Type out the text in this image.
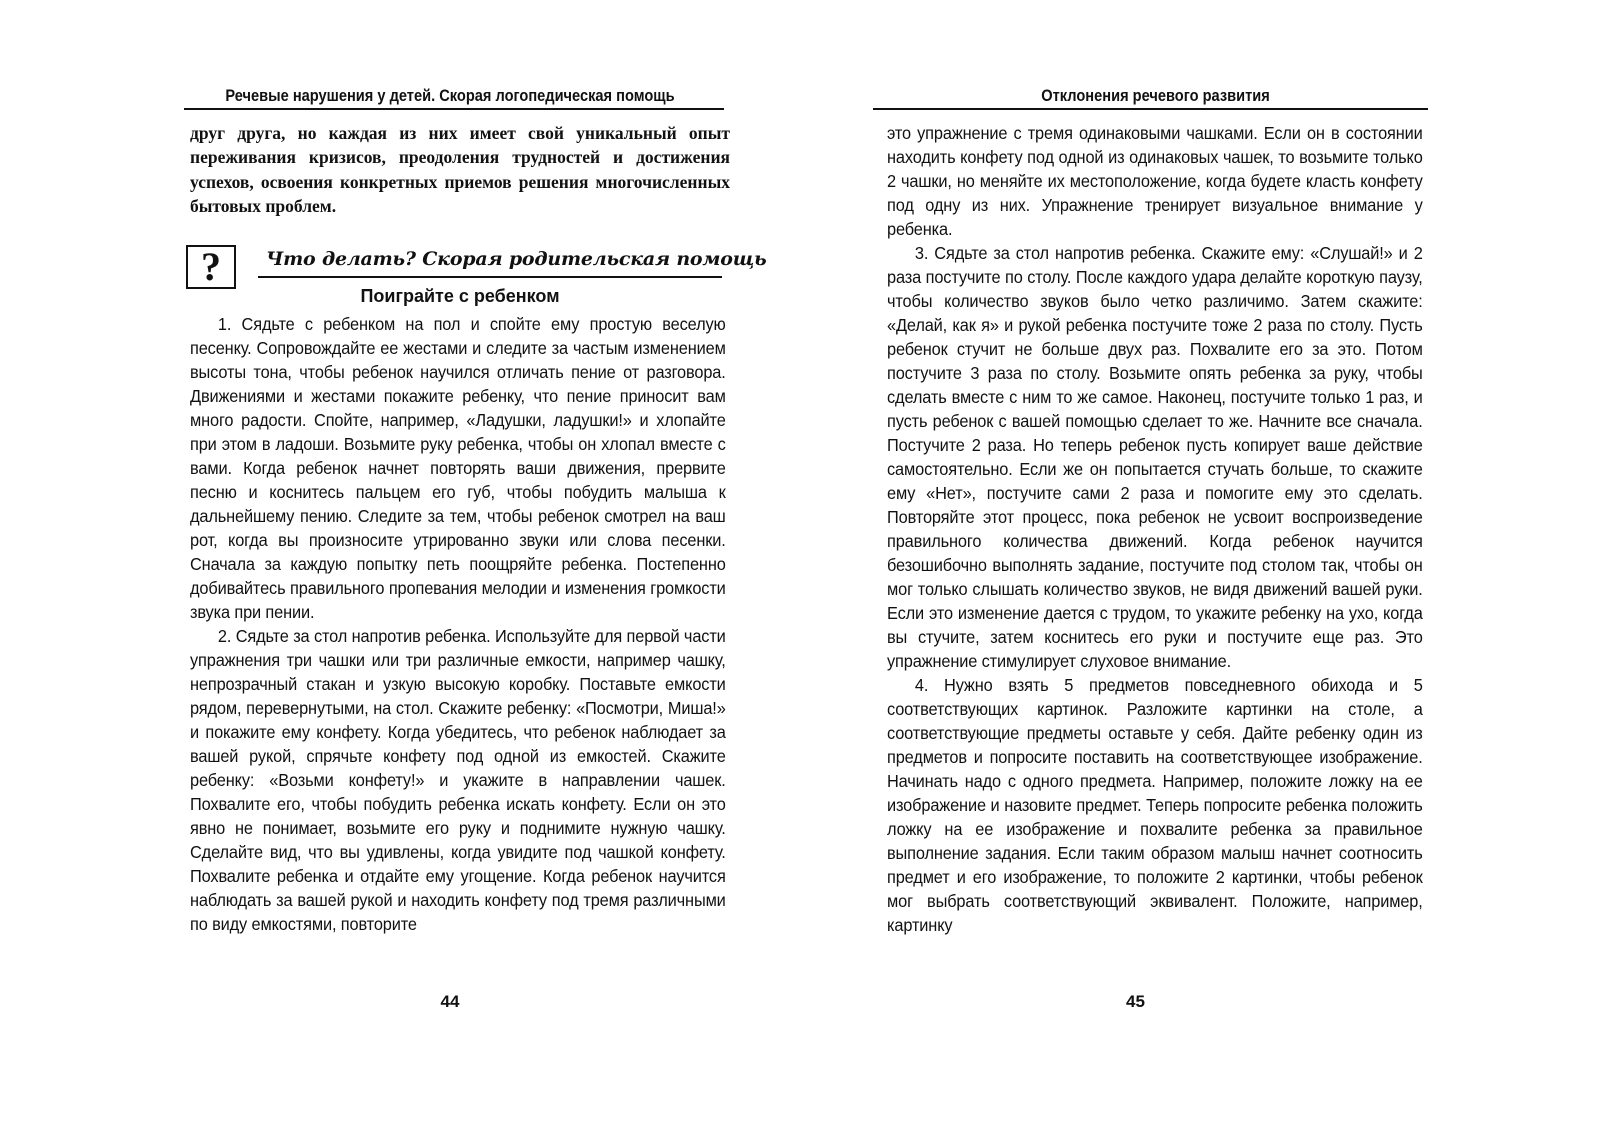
Речевые нарушения у детей. Скорая логопедическая помощь
друг друга, но каждая из них имеет свой уникальный опыт переживания кризисов, преодоления трудностей и достижения успехов, освоения конкретных приемов решения многочисленных бытовых проблем.
?	Что делать? Скорая родительская помощь
Поиграйте с ребенком

1. Сядьте с ребенком на пол и спойте ему простую веселую песенку. Сопровождайте ее жестами и следите за частым изменением высоты тона, чтобы ребенок научился отличать пение от разговора. Движениями и жестами покажите ребенку, что пение приносит вам много радости. Спойте, например, «Ладушки, ладушки!» и хлопайте при этом в ладоши. Возьмите руку ребенка, чтобы он хлопал вместе с вами. Когда ребенок начнет повторять ваши движения, прервите песню и коснитесь пальцем его губ, чтобы побудить малыша к дальнейшему пению. Следите за тем, чтобы ребенок смотрел на ваш рот, когда вы произносите утрированно звуки или слова песенки. Сначала за каждую попытку петь поощряйте ребенка. Постепенно добивайтесь правильного пропевания мелодии и изменения громкости звука при пении.

2. Сядьте за стол напротив ребенка. Используйте для первой части упражнения три чашки или три различные емкости, например чашку, непрозрачный стакан и узкую высокую коробку. Поставьте емкости рядом, перевернутыми, на стол. Скажите ребенку: «Посмотри, Миша!» и покажите ему конфету. Когда убедитесь, что ребенок наблюдает за вашей рукой, спрячьте конфету под одной из емкостей. Скажите ребенку: «Возьми конфету!» и укажите в направлении чашек. Похвалите его, чтобы побудить ребенка искать конфету. Если он это явно не понимает, возьмите его руку и поднимите нужную чашку. Сделайте вид, что вы удивлены, когда увидите под чашкой конфету. Похвалите ребенка и отдайте ему угощение. Когда ребенок научится наблюдать за вашей рукой и находить конфету под тремя различными по виду емкостями, повторите

44
Отклонения речевого развития

это упражнение с тремя одинаковыми чашками. Если он в состоянии находить конфету под одной из одинаковых чашек, то возьмите только 2 чашки, но меняйте их местоположение, когда будете класть конфету под одну из них. Упражнение тренирует визуальное внимание у ребенка.

3. Сядьте за стол напротив ребенка. Скажите ему: «Слушай!» и 2 раза постучите по столу. После каждого удара делайте короткую паузу, чтобы количество звуков было четко различимо. Затем скажите: «Делай, как я» и рукой ребенка постучите тоже 2 раза по столу. Пусть ребенок стучит не больше двух раз. Похвалите его за это. Потом постучите 3 раза по столу. Возьмите опять ребенка за руку, чтобы сделать вместе с ним то же самое. Наконец, постучите только 1 раз, и пусть ребенок с вашей помощью сделает то же. Начните все сначала. Постучите 2 раза. Но теперь ребенок пусть копирует ваше действие самостоятельно. Если же он попытается стучать больше, то скажите ему «Нет», постучите сами 2 раза и помогите ему это сделать. Повторяйте этот процесс, пока ребенок не усвоит воспроизведение правильного количества движений. Когда ребенок научится безошибочно выполнять задание, постучите под столом так, чтобы он мог только слышать количество звуков, не видя движений вашей руки. Если это изменение дается с трудом, то укажите ребенку на ухо, когда вы стучите, затем коснитесь его руки и постучите еще раз. Это упражнение стимулирует слуховое внимание.

4. Нужно взять 5 предметов повседневного обихода и 5 соответствующих картинок. Разложите картинки на столе, а соответствующие предметы оставьте у себя. Дайте ребенку один из предметов и попросите поставить на соответствующее изображение. Начинать надо с одного предмета. Например, положите ложку на ее изображение и назовите предмет. Теперь попросите ребенка положить ложку на ее изображение и похвалите ребенка за правильное выполнение задания. Если таким образом малыш начнет соотносить предмет и его изображение, то положите 2 картинки, чтобы ребенок мог выбрать соответствующий эквивалент. Положите, например, картинку

45
